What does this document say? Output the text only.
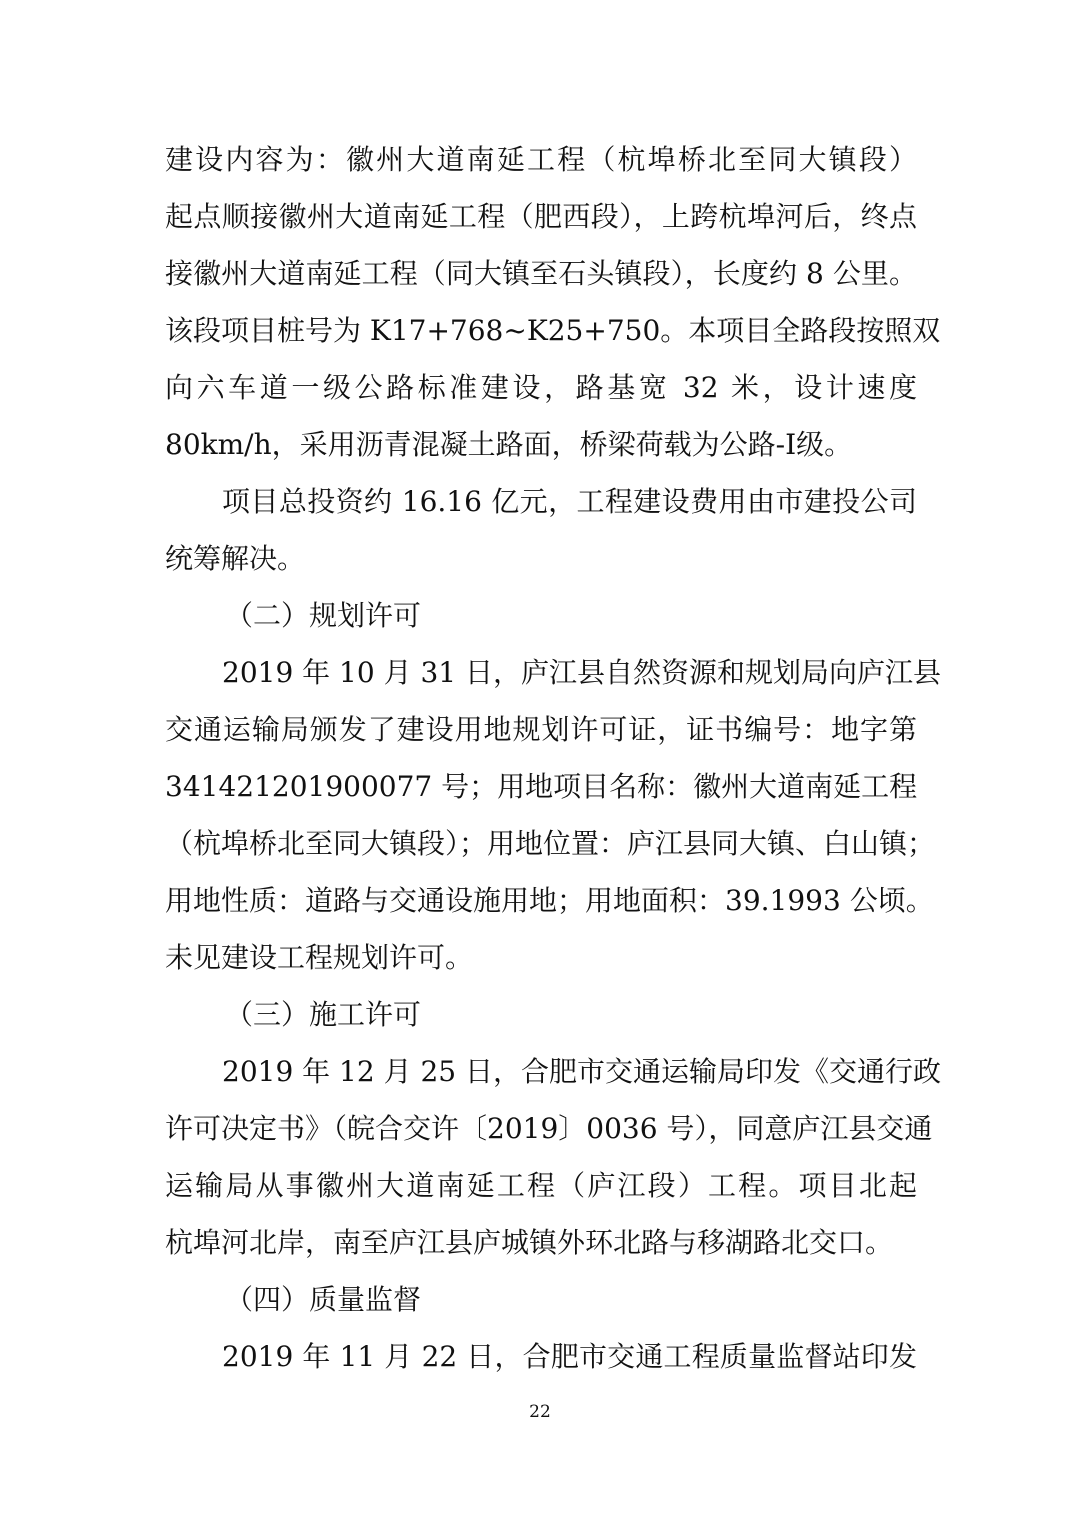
建设内容为：徽州大道南延工程（杭埠桥北至同大镇段）
起点顺接徽州大道南延工程（肥西段），上跨杭埠河后，终点
接徽州大道南延工程（同大镇至石头镇段），长度约 8 公里。
该段项目桩号为 K17+768~K25+750。本项目全路段按照双
向六车道一级公路标准建设，路基宽 32 米，设计速度
80km/h，采用沥青混凝土路面，桥梁荷载为公路-I级。
项目总投资约 16.16 亿元，工程建设费用由市建投公司
统筹解决。
（二）规划许可
2019 年 10 月 31 日，庐江县自然资源和规划局向庐江县
交通运输局颁发了建设用地规划许可证，证书编号：地字第
341421201900077 号；用地项目名称：徽州大道南延工程
（杭埠桥北至同大镇段）；用地位置：庐江县同大镇、白山镇；
用地性质：道路与交通设施用地；用地面积：39.1993 公顷。
未见建设工程规划许可。
（三）施工许可
2019 年 12 月 25 日，合肥市交通运输局印发《交通行政
许可决定书》（皖合交许〔2019〕0036 号），同意庐江县交通
运输局从事徽州大道南延工程（庐江段）工程。项目北起
杭埠河北岸，南至庐江县庐城镇外环北路与移湖路北交口。
（四）质量监督
2019 年 11 月 22 日，合肥市交通工程质量监督站印发
22
